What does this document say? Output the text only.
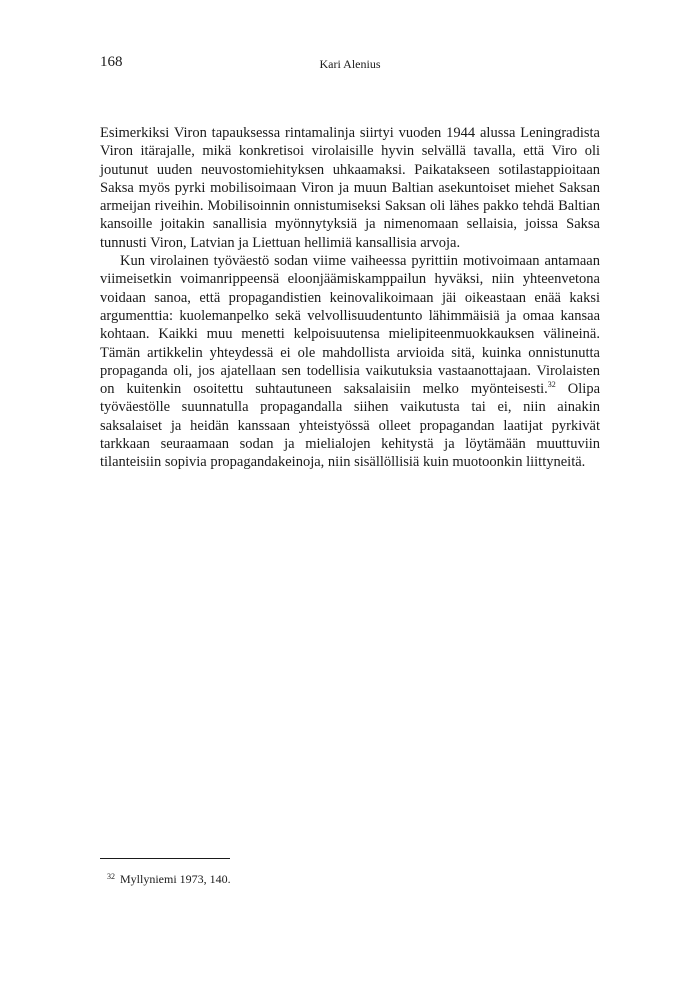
168	Kari Alenius

Esimerkiksi Viron tapauksessa rintamalinja siirtyi vuoden 1944 alussa Leningradista Viron itärajalle, mikä konkretisoi virolaisille hyvin selvällä tavalla, että Viro oli joutunut uuden neuvostomiehityksen uhkaamaksi. Paikatakseen sotilastappioitaan Saksa myös pyrki mobilisoimaan Viron ja muun Baltian asekuntoiset miehet Saksan armeijan riveihin. Mobilisoinnin onnistumiseksi Saksan oli lähes pakko tehdä Baltian kansoille joitakin sanallisia myönnytyksiä ja nimenomaan sellaisia, joissa Saksa tunnusti Viron, Latvian ja Liettuan hellimiä kansallisia arvoja.

Kun virolainen työväestö sodan viime vaiheessa pyrittiin motivoimaan antamaan viimeisetkin voimanrippeensä eloonjäämiskamppailun hyväksi, niin yhteenvetona voidaan sanoa, että propagandistien keinovalikoimaan jäi oikeastaan enää kaksi argumenttia: kuolemanpelko sekä velvollisuudentunto lähimmäisiä ja omaa kansaa kohtaan. Kaikki muu menetti kelpoisuutensa mielipiteenmuokkauksen välineinä. Tämän artikkelin yhteydessä ei ole mahdollista arvioida sitä, kuinka onnistunutta propaganda oli, jos ajatellaan sen todellisia vaikutuksia vastaanottajaan. Virolaisten on kuitenkin osoitettu suhtautuneen saksalaisiin melko myönteisesti.$^{32}$ Olipa työväestölle suunnatulla propagandalla siihen vaikutusta tai ei, niin ainakin saksalaiset ja heidän kanssaan yhteistyössä olleet propagandan laatijat pyrkivät tarkkaan seuraamaan sodan ja mielialojen kehitystä ja löytämään muuttuviin tilanteisiin sopivia propagandakeinoja, niin sisällöllisiä kuin muotoonkin liittyneitä.

$^{32}$ Myllyniemi 1973, 140.
